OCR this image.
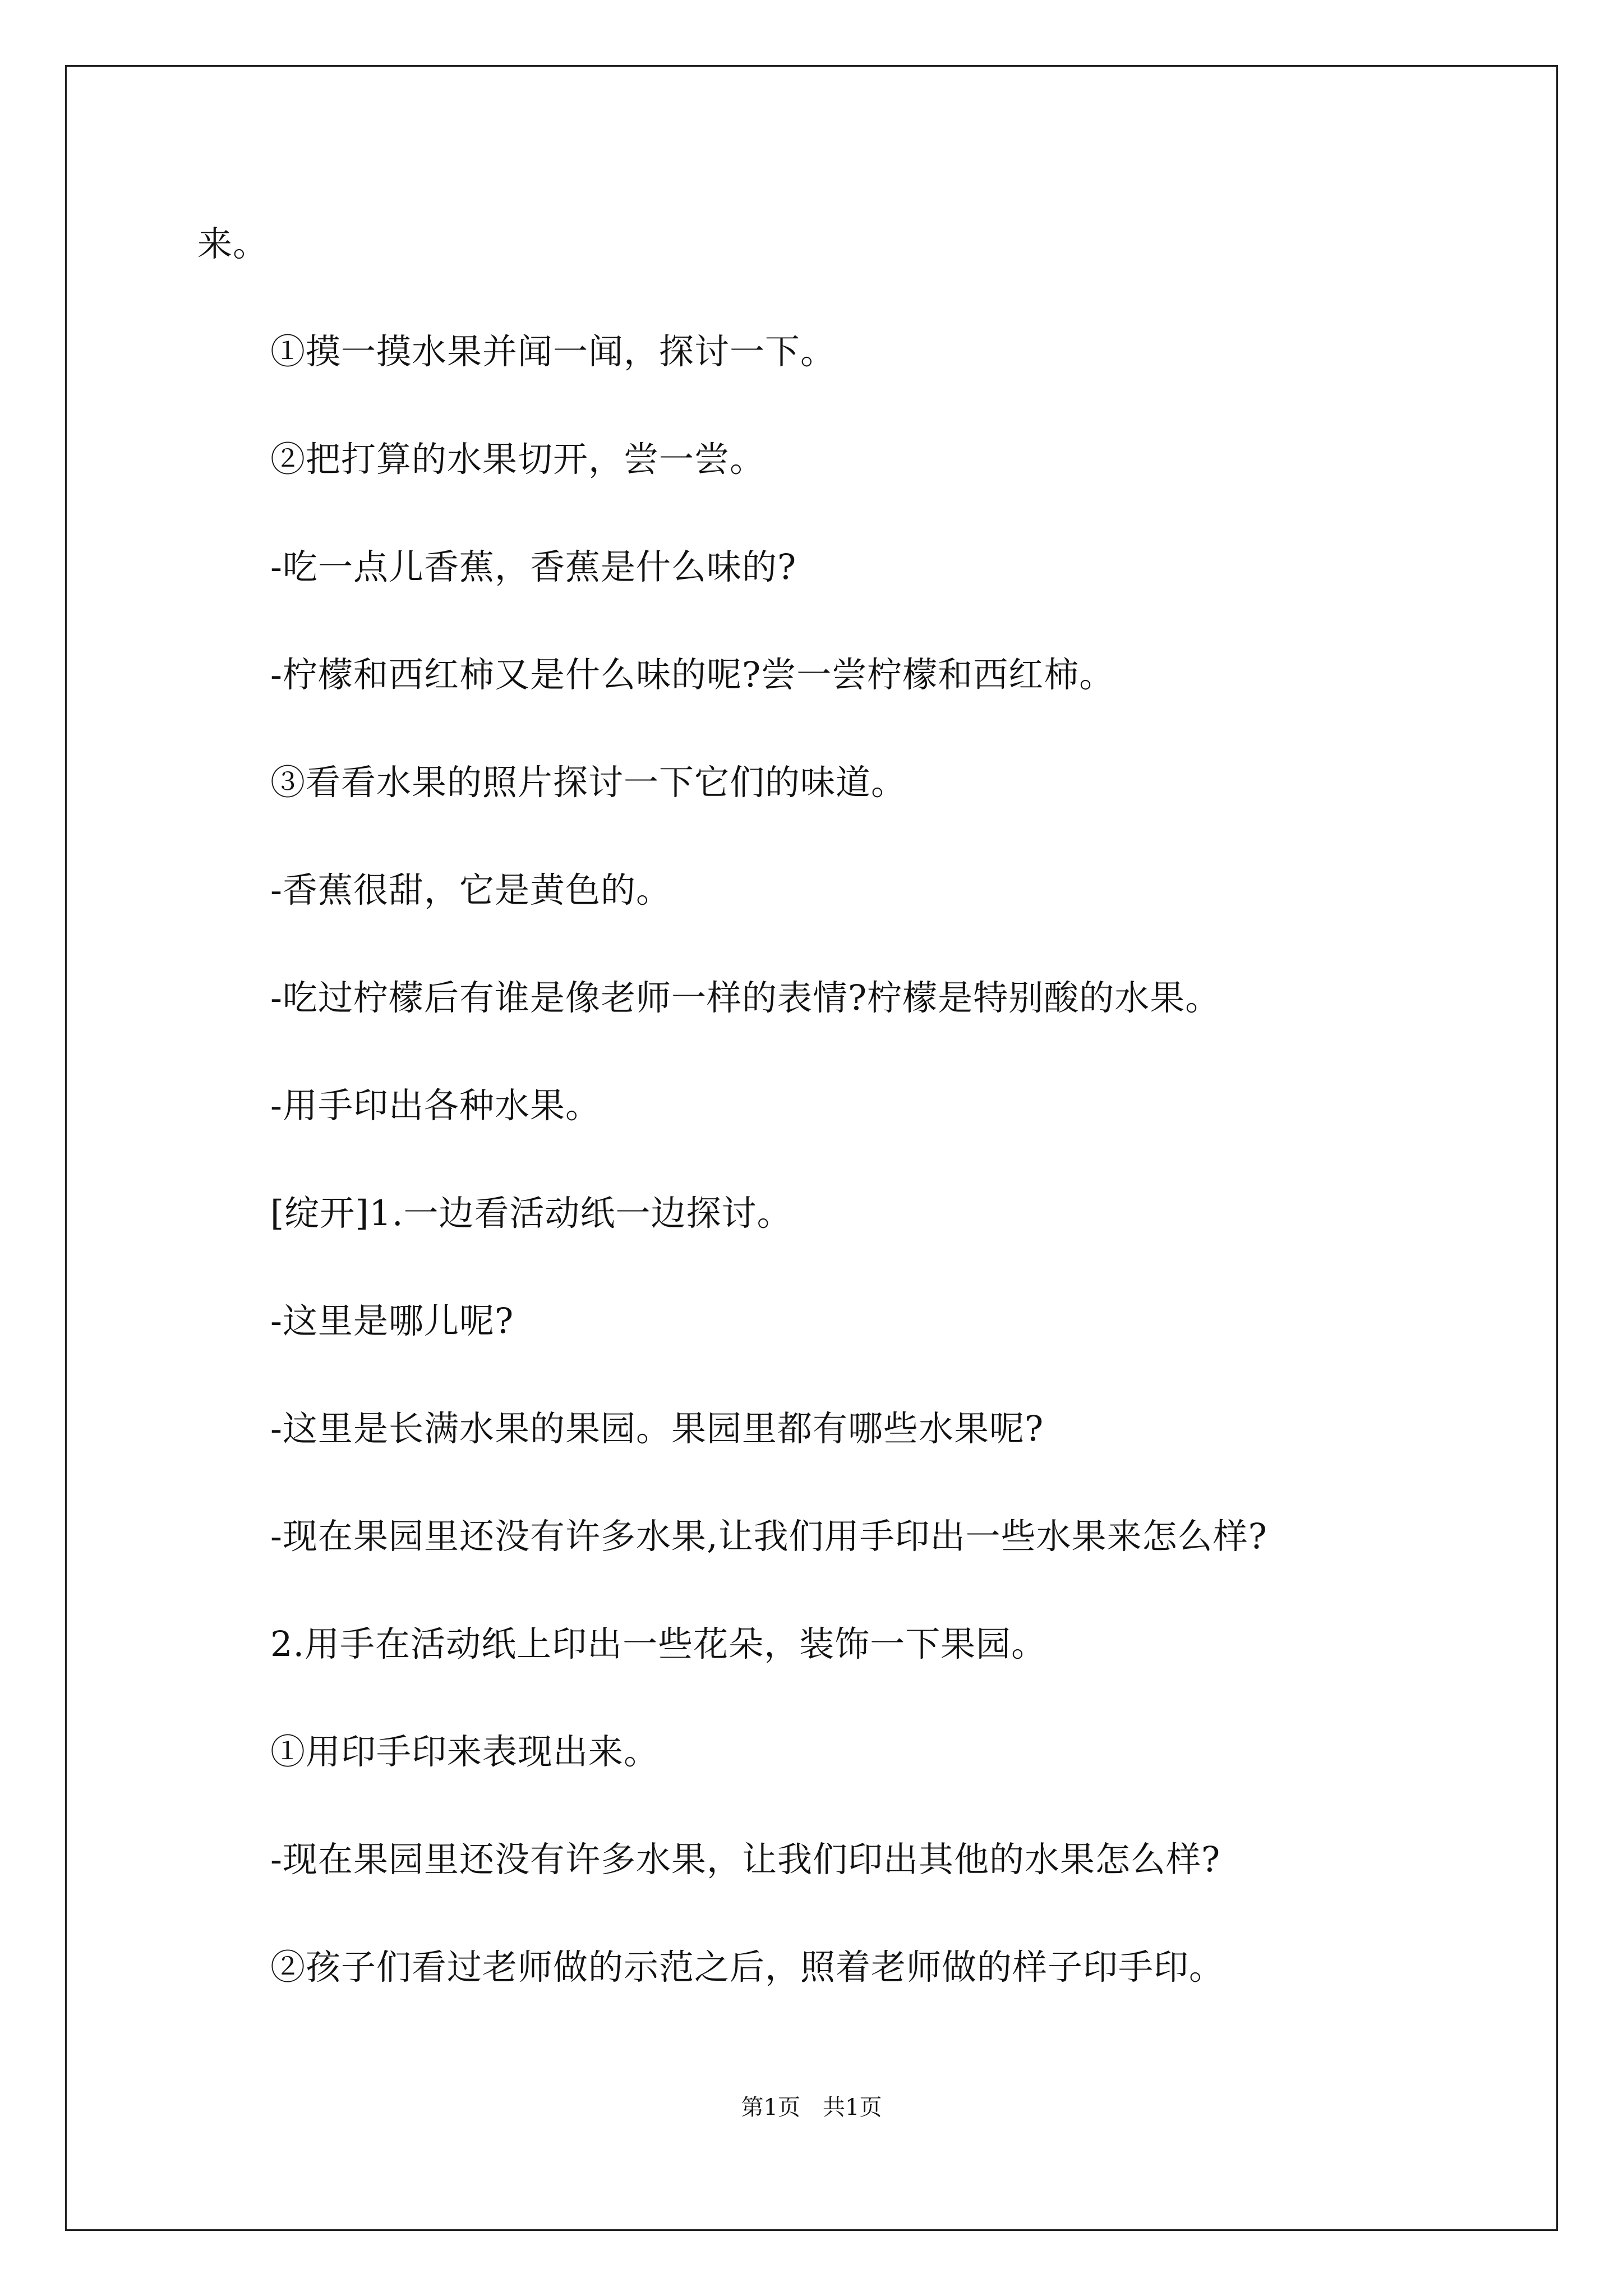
来。
①摸一摸水果并闻一闻，探讨一下。
②把打算的水果切开，尝一尝。
-吃一点儿香蕉，香蕉是什么味的?
-柠檬和西红柿又是什么味的呢?尝一尝柠檬和西红柿。
③看看水果的照片探讨一下它们的味道。
-香蕉很甜，它是黄色的。
-吃过柠檬后有谁是像老师一样的表情?柠檬是特别酸的水果。
-用手印出各种水果。
[绽开]1.一边看活动纸一边探讨。
-这里是哪儿呢?
-这里是长满水果的果园。果园里都有哪些水果呢?
-现在果园里还没有许多水果,让我们用手印出一些水果来怎么样?
2.用手在活动纸上印出一些花朵，装饰一下果园。
①用印手印来表现出来。
-现在果园里还没有许多水果，让我们印出其他的水果怎么样?
②孩子们看过老师做的示范之后，照着老师做的样子印手印。
第1页　共1页
